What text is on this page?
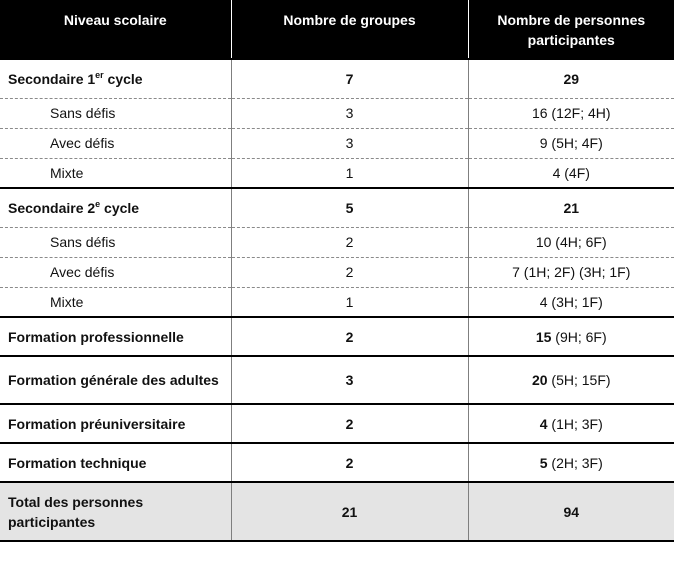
Niveau scolaire	Nombre de groupes	Nombre de personnes participantes
Secondaire 1er cycle	7	29
Sans défis	3	16 (12F; 4H)
Avec défis	3	9 (5H; 4F)
Mixte	1	4 (4F)
Secondaire 2e cycle	5	21
Sans défis	2	10 (4H; 6F)
Avec défis	2	7 (1H; 2F) (3H; 1F)
Mixte	1	4 (3H; 1F)
Formation professionnelle	2	15 (9H; 6F)
Formation générale des adultes	3	20 (5H; 15F)
Formation préuniversitaire	2	4 (1H; 3F)
Formation technique	2	5 (2H; 3F)
Total des personnes participantes	21	94
